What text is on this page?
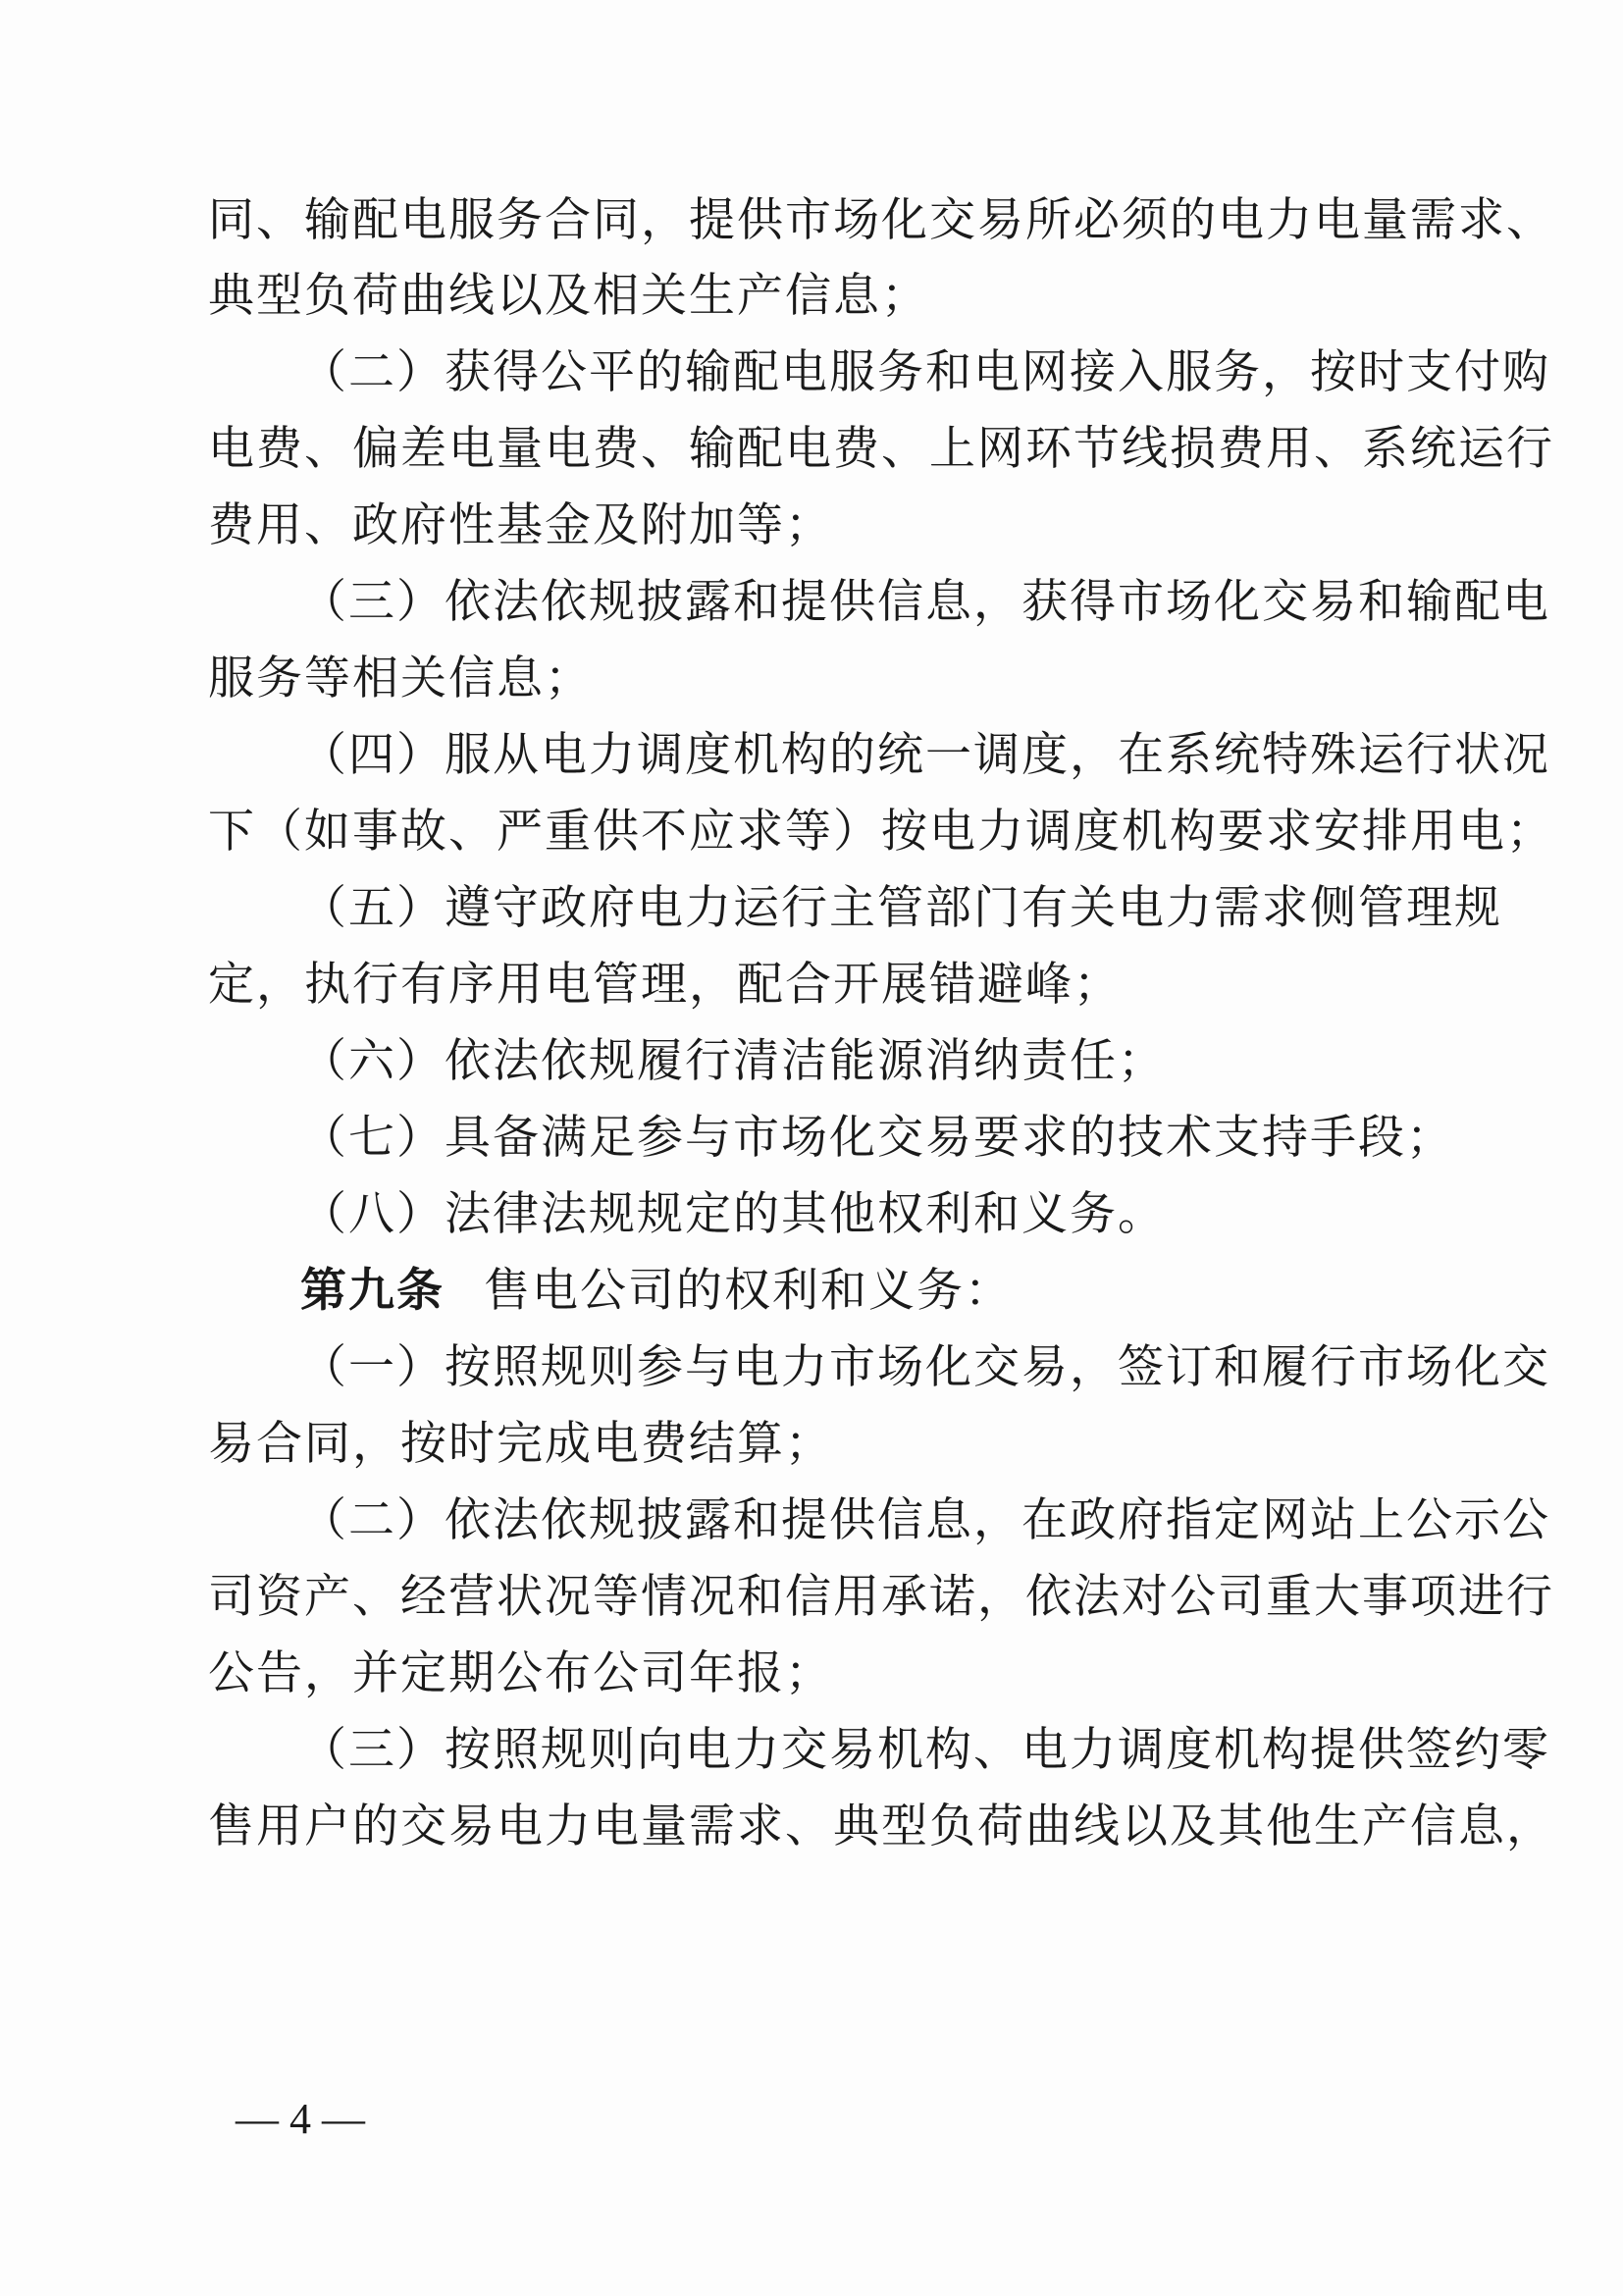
同、输配电服务合同，提供市场化交易所必须的电力电量需求、
典型负荷曲线以及相关生产信息；
（二）获得公平的输配电服务和电网接入服务，按时支付购
电费、偏差电量电费、输配电费、上网环节线损费用、系统运行
费用、政府性基金及附加等；
（三）依法依规披露和提供信息，获得市场化交易和输配电
服务等相关信息；
（四）服从电力调度机构的统一调度，在系统特殊运行状况
下（如事故、严重供不应求等）按电力调度机构要求安排用电；
（五）遵守政府电力运行主管部门有关电力需求侧管理规
定，执行有序用电管理，配合开展错避峰；
（六）依法依规履行清洁能源消纳责任；
（七）具备满足参与市场化交易要求的技术支持手段；
（八）法律法规规定的其他权利和义务。
第九条 售电公司的权利和义务：
（一）按照规则参与电力市场化交易，签订和履行市场化交
易合同，按时完成电费结算；
（二）依法依规披露和提供信息，在政府指定网站上公示公
司资产、经营状况等情况和信用承诺，依法对公司重大事项进行
公告，并定期公布公司年报；
（三）按照规则向电力交易机构、电力调度机构提供签约零
售用户的交易电力电量需求、典型负荷曲线以及其他生产信息，
— 4 —
